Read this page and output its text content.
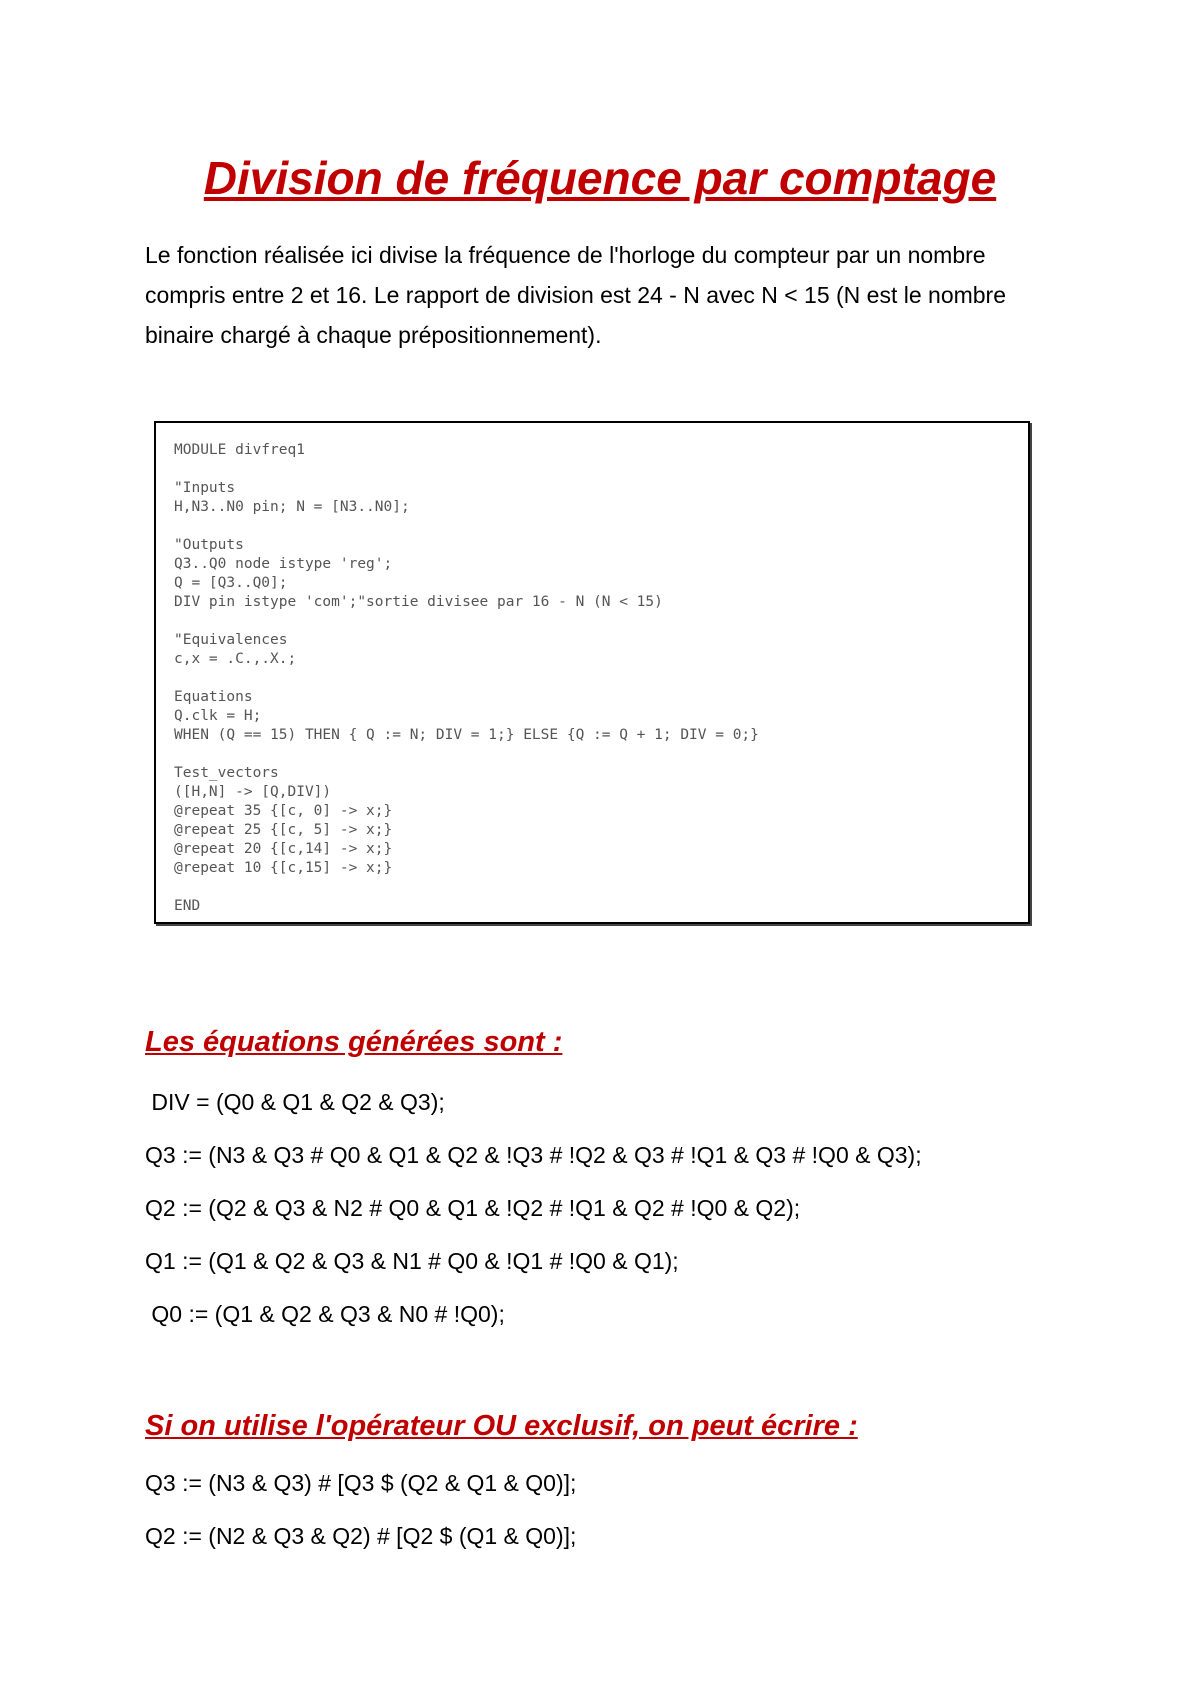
Division de fréquence par comptage

Le fonction réalisée ici divise la fréquence de l'horloge du compteur par un nombre compris entre 2 et 16. Le rapport de division est 24 - N avec N < 15 (N est le nombre binaire chargé à chaque prépositionnement).

MODULE divfreq1
"Inputs
H,N3..N0 pin; N = [N3..N0];
"Outputs
Q3..Q0 node istype 'reg';
Q = [Q3..Q0];
DIV pin istype 'com';"sortie divisee par 16 - N (N < 15)
"Equivalences
c,x = .C.,.X.;
Equations
Q.clk = H;
WHEN (Q == 15) THEN { Q := N; DIV = 1;} ELSE {Q := Q + 1; DIV = 0;}
Test_vectors
([H,N] -> [Q,DIV])
@repeat 35 {[c, 0] -> x;}
@repeat 25 {[c, 5] -> x;}
@repeat 20 {[c,14] -> x;}
@repeat 10 {[c,15] -> x;}
END
Les équations générées sont :

DIV = (Q0 & Q1 & Q2 & Q3);

Q3 := (N3 & Q3 # Q0 & Q1 & Q2 & !Q3 # !Q2 & Q3 # !Q1 & Q3 # !Q0 & Q3);

Q2 := (Q2 & Q3 & N2 # Q0 & Q1 & !Q2 # !Q1 & Q2 # !Q0 & Q2);

Q1 := (Q1 & Q2 & Q3 & N1 # Q0 & !Q1 # !Q0 & Q1);

Q0 := (Q1 & Q2 & Q3 & N0 # !Q0);

Si on utilise l'opérateur OU exclusif, on peut écrire :

Q3 := (N3 & Q3) # [Q3 $ (Q2 & Q1 & Q0)];

Q2 := (N2 & Q3 & Q2) # [Q2 $ (Q1 & Q0)];
